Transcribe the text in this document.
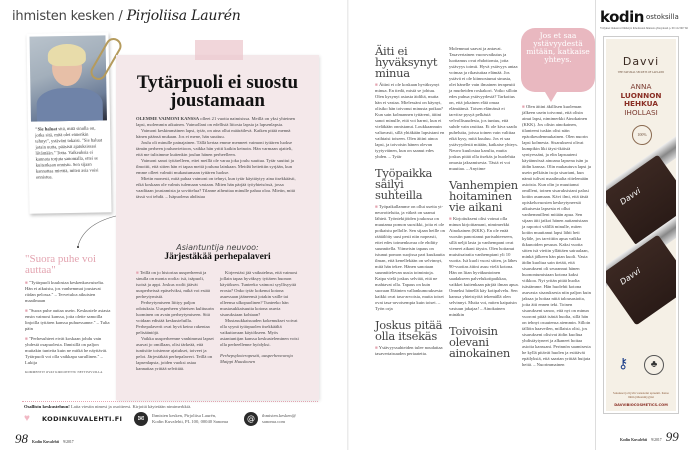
ihmisten kesken / Pirjoliisa Laurén
"Sie haluat sitä, mitä sinulla on, jotka sitä, mitä olet ennenkin tehnyt", ystäväni tokaisi. "Sie haluat jotain uutta, pääsisit ajatuksissasi liitämään." Totta. Vaikeuksia ei kannata torjuta sanomalla, ettei se kuitenkaan onnistu. Sen sijaan kannattaa miettiä, miten asia voisi onnistua.
Tytärpuoli ei suostu joustamaan

OLEMME VAIMONI KANSSA olleet 21 vuotta naimisissa. Meillä on yksi yhteinen lapsi, molemmin aikuinen. Vaimollani on edellistä liitosta lapsia ja lapsenlapsia.

Vaimoni keskimmäinen lapsi, tytär, on aina ollut määräilevä. Kaiken pitää mennä hänen päänsä mukaan. Jos ei mene, hän suuttuu.

Joulu oli minulle painajainen. Tällä kertaa emme menneet vaimoni tyttären luokse tämän perheen joulunviettoon, vaikka hän yritti kaikin keinoin. Hän varmaan ajatteli, että me tulisimme kuitenkin joulun hänen perheelleen.

Vaimoni sanoi tyttärelleen, ettei meillä ole varaa joka joulu suuttua. Tytär suuttui ja ilmoitti, että sitten hän ei tapaa meitä jouluna lainkaan. Meidät heitettiin syrjään, kun emme olleet valmiit mukautumaan tyttären luokse.

Mietin monesti, mitä pahaa vaimoni on tehnyt, kun tytär käyttäytyy aina itsekkäästi, eikä koskaan ole valmis tulemaan vastaan. Miten hän pärjää työyhteisössä, jossa vaaditaan joustamista ja sovittelua? Tilanne aiheuttaa minulle pahaa oloa. Mietin, mitä tässä voi tehdä. – Isäpuolena ahdistaa

Asiantuntija neuvoo:
Järjestäkää perhepalaveri

■ Teillä on jo historiaa uusperheenä ja sinulla on monta roolia: isä, isäpuoli, isoisä ja appi. Joskus roolit jäävät uusperheissä epäselviksi, mikä voi estää perheytymistä.

Perheytymiseen liittyy paljon odotuksia. Uusperheen yhteisen kulttuurin luominen on avain perheytymiseen. Sitä voidaan edistää keskusteluilla. Perhepalaverit ovat hyvä keino rakentaa pelisääntöjä.

Vaikka uusperheenne vanhimmat lapset asuvat jo omillaan, olisi tärkeää, että tuntisitte toistenne ajatukset, toiveet ja pelot. Järjestäkää perhepalaveri. Teillä on lapsenlapsia, joiden vuoksi asiaa kannattaa yrittää selvittää.

Kirjeestäsi jää vaikutelma, että vaimosi jollain tapaa hyväksyy tyttären huonon käytöksen. Tunteeko vaimosi syyllisyyttä erosta? Onko tytär kokenut kotona asuessaan jääneensä jotakin vaille tai olleensa ulkopuolinen? Tunteeko hän mustasukkaisuutta kotona asuvia sisaruksiaan kohtaan?

Mustasukkaisuuden kokemukset voivat olla syynä tytärpuolen itsekkäältä vaikuttavaan käytökseen. Myös asiantuntijan kanssa keskusteleminen voisi olla perheellenne hyödyksi.

Perhepsykoterapeutti, uusperheneuvoja Maippi Huuskonen

"Suora puhe voi auttaa"
■ "Tytärpuoli kuulostaa keskenkasvuiselta. Hän ei aikuistu, jos vanhemmat joustavat riidan pelossa." – Tervetuloa aikuisten maailmaan
■ "Suora puhe auttaa usein. Keskustele asiasta ensin vaimosi kanssa, jotta olette samoilla linjoilla tyttären kanssa puhuessanne." – Tulta päin
■ "Perhesuhteet eivät koskaan johdu vain yhdestä osapuolesta. Ihmisillä on paljon muitakin tunteita kuin ne mitkä he näyttävät. Tytärpuoli voi olla vaikkapa surullinen." – Lukija
KOMMENTIT OVAT KIRJOITETTU NETTISIVUILLA
Osallistu keskusteluun! Laita viestin nimesi ja osoitteesi. Kirjoitä käytetään nimimerkkiä.
♥ KODINKUVALEHTI.FI	✉	Ihmisten kesken, Pirjoliisa Laurén,
Kodin Kuvalehti, PL 100, 00040 Sanoma	@	ihmisten.kesken@
sanoma.com
98 Kodin Kuvalehti 9/2017
Äiti ei hyväksynyt minua

■ Äitini ei ole koskaan hyväksynyt minua. En tiedä, mistä se johtuu. Olen kysynyt asiasta äidiltä, mutta hän ei vastaa. Mielessäni on käynyt, olisiko hän toivonut minusta poikaa? Kun sain kolmannen tyttäreni, äitini sanoi minulle, että voi harmi, kun ei vieläkään onnistanut. Loukkaannuin valtavasti, sillä yhtäkään lapsistani en vaihtaisi toiseen. Olen äitini ainoa lapsi, ja toivoisin hänen olevan tyytyväinen, kun on saanut edes yhden. – Tytär

Työpaikka säilyi suhteilla

■ Työpaikallamme on ollut useita yt-neuvotteluita, ja väkeä on saanut lähteä. Työntekijöiden joukossa on muutama pomon suosikki, joita ei ole potkaistu pellolle. Sen sijaan heille on räätälöity uusi pesti niin nopeasti, ettei edes toimenkuvaa ole ehditty suunnitella. Viimeisin tapaus on istunut pomon suojissa pari kuukautta ilman, että kenellekään on selvinnyt, mitä hän tekee. Hänen sanotaan suunnittelevan uusia toimintoja. Kaipa vielä joskus selviää, että ne mahtavat olla. Tapaus on kuin suoraan Eläinten vallankumouksesta: kaikki ovat tasa-arvoisia, mutta toiset ovat tasa-arvoisempia kuin toiset. – Työn orja

Joskus pitää olla itsekäs

■ Ystävyyssuhteiden tulee noudattaa tasavertaisuuden periaatetta. Molemmat saavat ja antavat. Tasavertainen vuorovaikutus ja luottamus ovat ehdottomia, jotta ystävyys toimii. Hyvä ystävyys antaa voimaa ja rikastuttaa elämää. Jos ystävä ei ole kiinnostunut sinusta, olet hänelle vain ilmainen terapeutti ja murheiden roskakori. Voiko silloin edes puhua ystävyydestä? Tarkoitus on, että jokainen elää omaa elämäänsä. Toisen elämässä ei tarvitse pysyä pelkästä velvollisuudesta, jos tuntuu, että suhde vain rasittaa. Ei ole kiva saada puhelutta, joissa toinen vain valittaa eikä kysy, mitä kuuluu. Jos et saa ystävyydestä mitään, katkaise yhteys. Neuvo kuulostaa karulta, mutta joskus pitää olla itsekäs ja huolehtia omasta jaksamisesta. Tästä ei voi muuttaa. – Anytime

Vanhempien hoitaminen vie aikani

■ Kirjoitukseni olisi voinut olla minun kirjoittamani, nimimerkki Ainokainen (KKK). En ole enää vuosiin panostanut parisuhteeseen, sillä neljä lasta ja vanhempani ovat vieneet aikani täysin. Olen hoitanut muistisairaita vanhempiani yli 10 vuotta. Isä kuoli vuosi sitten, ja lähes 90-vuotias äitini asuu vielä kotona. Hän on liian hyväkuntoinen saadakseen palvelukotipaikkaa, vaikkei kuitenkaan pärjää ilman apua. Onneksi hänellä käy kotipalvelu. Sen kanssa yhteistyötä tekemällä olen selvinnyt. Mutta voi, miten kaipaisin vastuun jakajaa! – Ainokainen minäkin

Toivoisin olevani ainokainen
Jos et saa ystävyydestä mitään, katkaise yhteys.

■ Olen äitini äkillisen kuoleman jälkeen usein toivonut, että olisin ainut lapsi, nimimerkki Ainokainen (KKK). Jos olisin ainokainen, tilanteeni tuskin olisi näin epäoikeudenmukainen. Olen nuorin lapsi kolmesta. Sisarukseni olivat kumpikin liki täysi-ikäisiä syntyessäni, ja elin lapsuuteni käytännössä ainoana lapsena isän ja äidin kanssa. Olin mukautuva lapsi ja usein pelkäsin isoja sisariani, kun nämä tulivat maailmalta riitelemään asioista. Kun olin jo muuttanut omilleni, toinen sisaruksistani palasi kotiin asumaan. Kävi ilmi, että tästä opiskeluvuosien keskeytyneestä aikuisesta lapsesta ei ollut vanhemmilleni mitään apua. Sen sijaan äiti jatkoi hänen auttamistaan ja raportoi välillä minulle, miten kotiin muuttanut lapsi lähti heti kyläle, jos tarvittiin apua vaikka ikkunoiden pesuun. Kaksi vuotta sitten isä vietiin yllättäen sairaalaan, minkä jälkeen hän pian kuoli. Vasta äidin kuoltua sain tietää, että sisarukseni oli seurannut hänen huonontumistaan kotona kaksi viikkoa. Nyt yritän pitää huolta isästämme. Hän huolehti kotona asuvasta sisaruksesta niin paljon kuin jaksaa ja hoitaa niitä talousasioita, joita äiti ennen teki. Toinen sisarukseni sanoo, että nyt on minun vuoroni pitää isästä huolta, sillä hän on tehnyt osuutensa aiemmin. Silloin tällöin haaveilen, millaista olisi, jos sisarukseni olisivat äidin kuoltua yhdistäytyneet ja alkaneet hoitaa asioita kanssani. Perinnön saamisesta he kyllä pitävät huolen ja esittävät epäilyksiä, että saarian yrittää huijata heitä. – Nuorimmainen

kodin ostoksilla
Yritykset maksavat lähdetyn ilmoitusten hinnasta yhteydessä p. 09 122 967 66
Davvi
THE NATURAL SECRETS OF LAPLAND
ANNA
LUONNON
HEHKUA
IHOLLASI
100%
Davvi
Davvi
⚷	♣
Sokokset ja hyvin varustetut apteekit. Katso lähin jälleenmyyjäsi
DAVVIBIOCOSMETICS.COM
Kodin Kuvalehti 9/2017 99
